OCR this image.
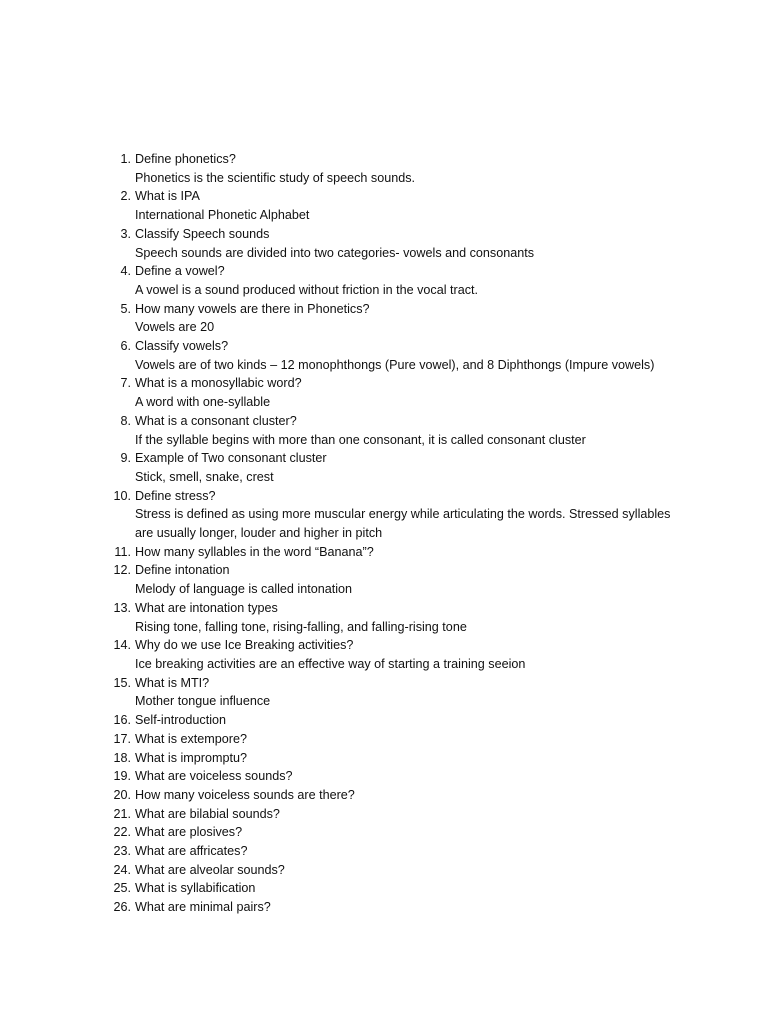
1. Define phonetics?
Phonetics is the scientific study of speech sounds.
2. What is IPA
International Phonetic Alphabet
3. Classify Speech sounds
Speech sounds are divided into two categories- vowels and consonants
4. Define a vowel?
A vowel is a sound produced without friction in the vocal tract.
5. How many vowels are there in Phonetics?
Vowels are 20
6. Classify vowels?
Vowels are of two kinds – 12 monophthongs (Pure vowel), and 8 Diphthongs (Impure vowels)
7. What is a monosyllabic word?
A word with one-syllable
8. What is a consonant cluster?
If the syllable begins with more than one consonant, it is called consonant cluster
9. Example of Two consonant cluster
Stick, smell, snake, crest
10. Define stress?
Stress is defined as using more muscular energy while articulating the words. Stressed syllables are usually longer, louder and higher in pitch
11. How many syllables in the word “Banana”?
12. Define intonation
Melody of language is called intonation
13. What are intonation types
Rising tone, falling tone, rising-falling, and falling-rising tone
14. Why do we use Ice Breaking activities?
Ice breaking activities are an effective way of starting a training seeion
15. What is MTI?
Mother tongue influence
16. Self-introduction
17. What is extempore?
18. What is impromptu?
19. What are voiceless sounds?
20. How many voiceless sounds are there?
21. What are bilabial sounds?
22. What are plosives?
23. What are affricates?
24. What are alveolar sounds?
25. What is syllabification
26. What are minimal pairs?
